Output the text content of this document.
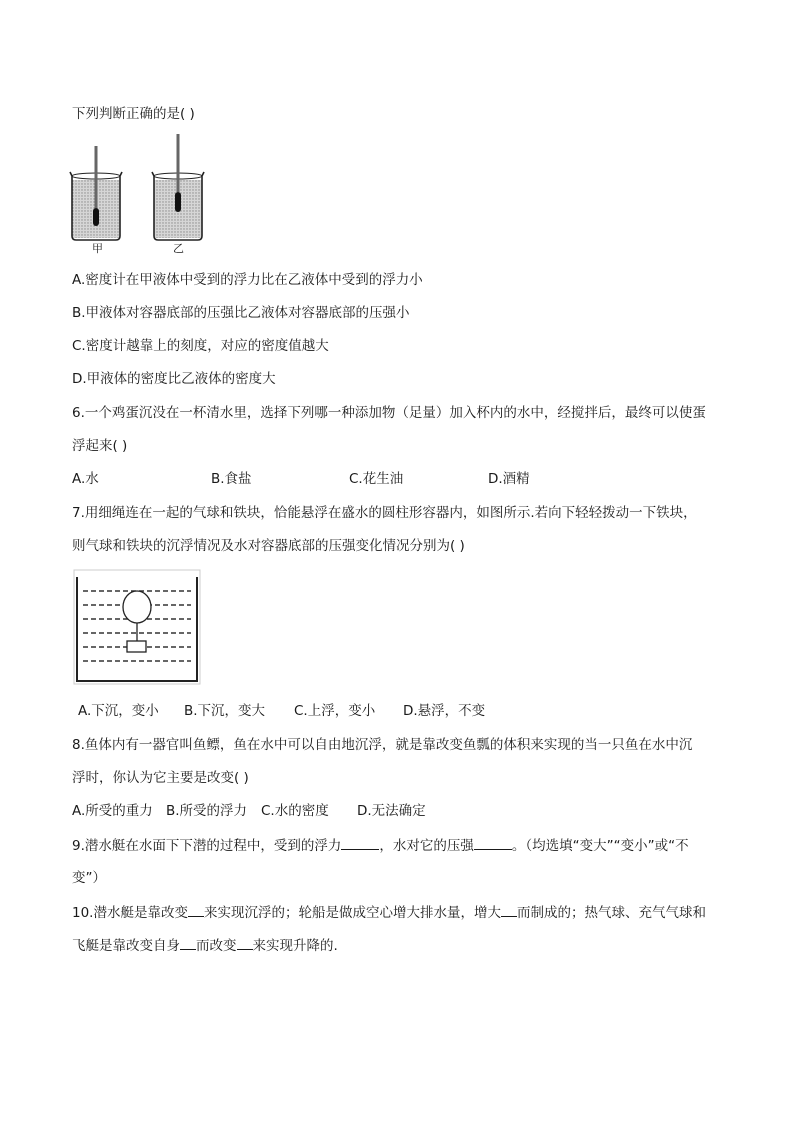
下列判断正确的是( )
甲	乙
A.密度计在甲液体中受到的浮力比在乙液体中受到的浮力小
B.甲液体对容器底部的压强比乙液体对容器底部的压强小
C.密度计越靠上的刻度，对应的密度值越大
D.甲液体的密度比乙液体的密度大
6.一个鸡蛋沉没在一杯清水里，选择下列哪一种添加物（足量）加入杯内的水中，经搅拌后，最终可以使蛋
浮起来( )
A.水	B.食盐	C.花生油	D.酒精
7.用细绳连在一起的气球和铁块，恰能悬浮在盛水的圆柱形容器内，如图所示.若向下轻轻拨动一下铁块，
则气球和铁块的沉浮情况及水对容器底部的压强变化情况分别为( )
A.下沉，变小 B.下沉，变大 C.上浮，变小 D.悬浮，不变
8.鱼体内有一器官叫鱼鳔，鱼在水中可以自由地沉浮，就是靠改变鱼瓢的体积来实现的当一只鱼在水中沉
浮时，你认为它主要是改变( )
A.所受的重力 B.所受的浮力 C.水的密度 D.无法确定
9.潜水艇在水面下下潜的过程中，受到的浮力	，水对它的压强	。（均选填“变大”“变小”或“不
变”）
10.潜水艇是靠改变 来实现沉浮的；轮船是做成空心增大排水量，增大 而制成的；热气球、充气气球和
飞艇是靠改变自身 而改变 来实现升降的.
